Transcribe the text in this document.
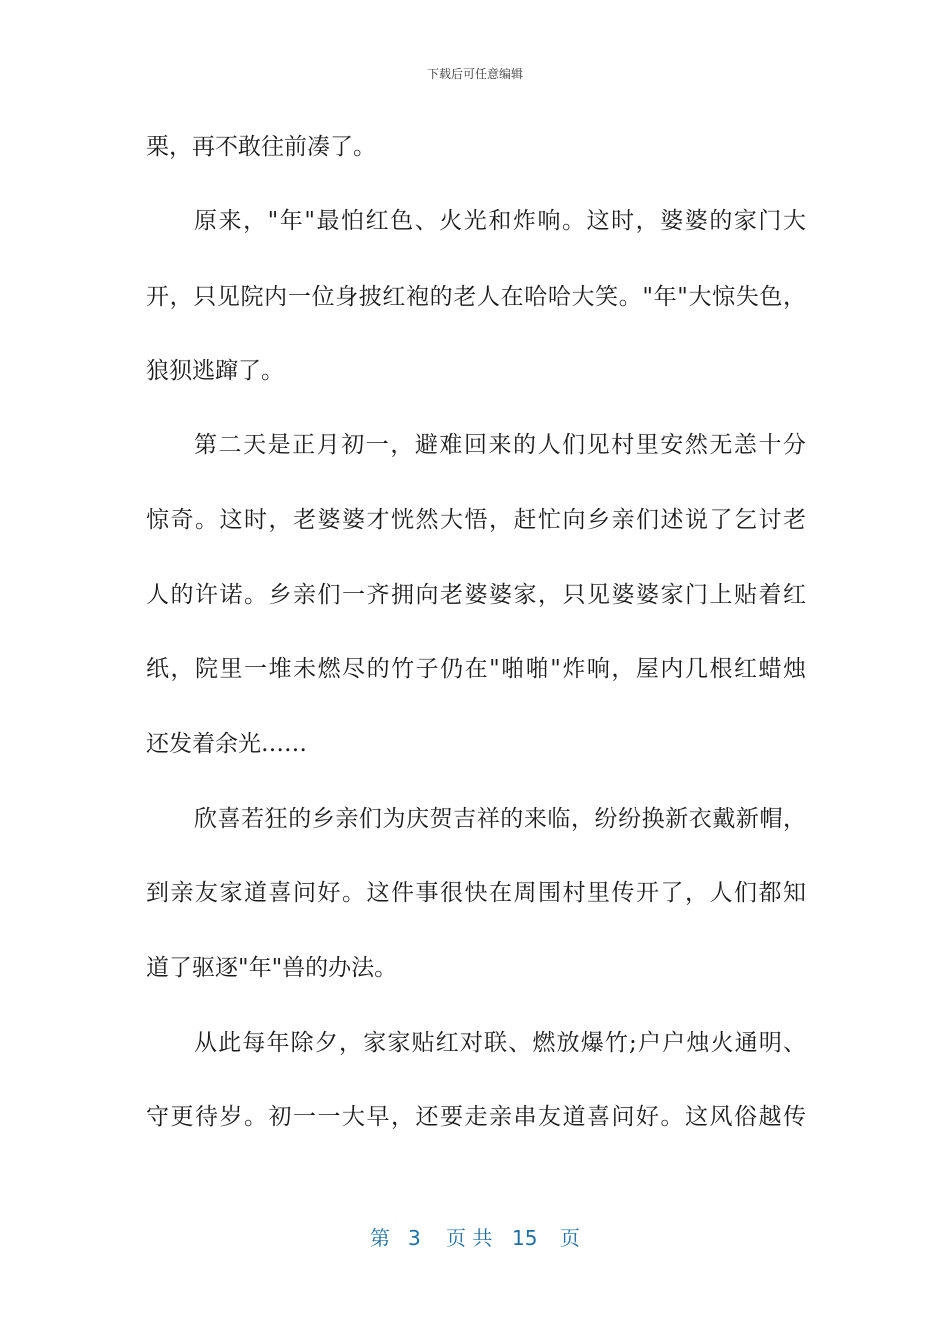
下载后可任意编辑
栗，再不敢往前凑了。
原来，"年"最怕红色、火光和炸响。这时，婆婆的家门大
开，只见院内一位身披红袍的老人在哈哈大笑。"年"大惊失色，
狼狈逃蹿了。
第二天是正月初一，避难回来的人们见村里安然无恙十分
惊奇。这时，老婆婆才恍然大悟，赶忙向乡亲们述说了乞讨老
人的许诺。乡亲们一齐拥向老婆婆家，只见婆婆家门上贴着红
纸，院里一堆未燃尽的竹子仍在"啪啪"炸响，屋内几根红蜡烛
还发着余光……
欣喜若狂的乡亲们为庆贺吉祥的来临，纷纷换新衣戴新帽，
到亲友家道喜问好。这件事很快在周围村里传开了，人们都知
道了驱逐"年"兽的办法。
从此每年除夕，家家贴红对联、燃放爆竹;户户烛火通明、
守更待岁。初一一大早，还要走亲串友道喜问好。这风俗越传
第 3 页 共 15 页
